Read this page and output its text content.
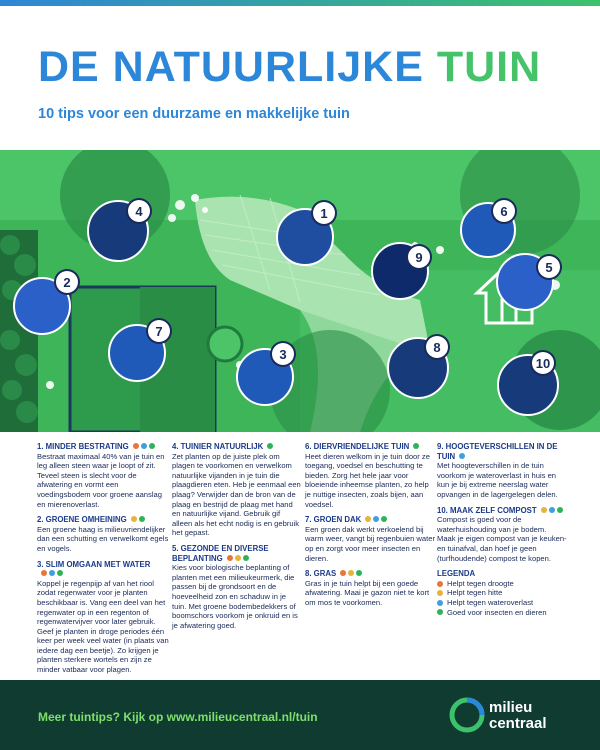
DE NATUURLIJKE TUIN
10 tips voor een duurzame en makkelijke tuin
1
2
3
4
5
6
7
8
9
10
1. MINDER BESTRATING
Bestraat maximaal 40% van je tuin en leg alleen steen waar je loopt of zit. Teveel steen is slecht voor de afwatering en vormt een voedingsbodem voor groene aanslag en mierenoverlast.
2. GROENE OMHEINING
Een groene haag is milieuvriendelijker dan een schutting en verwelkomt egels en vogels.
3. SLIM OMGAAN MET WATER
Koppel je regenpijp af van het riool zodat regenwater voor je planten beschikbaar is. Vang een deel van het regenwater op in een regenton of regenwatervijver voor later gebruik. Geef je planten in droge periodes één keer per week veel water (in plaats van iedere dag een beetje). Zo krijgen je planten sterkere wortels en zijn ze minder vatbaar voor plagen.
4. TUINIER NATUURLIJK
Zet planten op de juiste plek om plagen te voorkomen en verwelkom natuurlijke vijanden in je tuin die plaagdieren eten. Heb je eenmaal een plaag? Verwijder dan de bron van de plaag en bestrijd de plaag met hand en natuurlijke vijand. Gebruik gif alleen als het echt nodig is en gebruik het gepast.
5. GEZONDE EN DIVERSE BEPLANTING
Kies voor biologische beplanting of planten met een milieukeurmerk, die passen bij de grondsoort en de hoeveelheid zon en schaduw in je tuin. Met groene bodembedekkers of boomschors voorkom je onkruid en is je afwatering goed.
6. DIERVRIENDELIJKE TUIN
Heet dieren welkom in je tuin door ze toegang, voedsel en beschutting te bieden. Zorg het hele jaar voor bloeiende inheemse planten, zo help je nuttige insecten, zoals bijen, aan voedsel.
7. GROEN DAK
Een groen dak werkt verkoelend bij warm weer, vangt bij regenbuien water op en zorgt voor meer insecten en dieren.
8. GRAS
Gras in je tuin helpt bij een goede afwatering. Maai je gazon niet te kort om mos te voorkomen.
9. HOOGTEVERSCHILLEN IN DE TUIN
Met hoogteverschillen in de tuin voorkom je wateroverlast in huis en kun je bij extreme neerslag water opvangen in de lagergelegen delen.
10. MAAK ZELF COMPOST
Compost is goed voor de waterhuishouding van je bodem. Maak je eigen compost van je keuken- en tuinafval, dan hoef je geen (turfhoudende) compost te kopen.
LEGENDA
Helpt tegen droogte
Helpt tegen hitte
Helpt tegen wateroverlast
Goed voor insecten en dieren
Meer tuintips? Kijk op www.milieucentraal.nl/tuin
milieu
centraal
